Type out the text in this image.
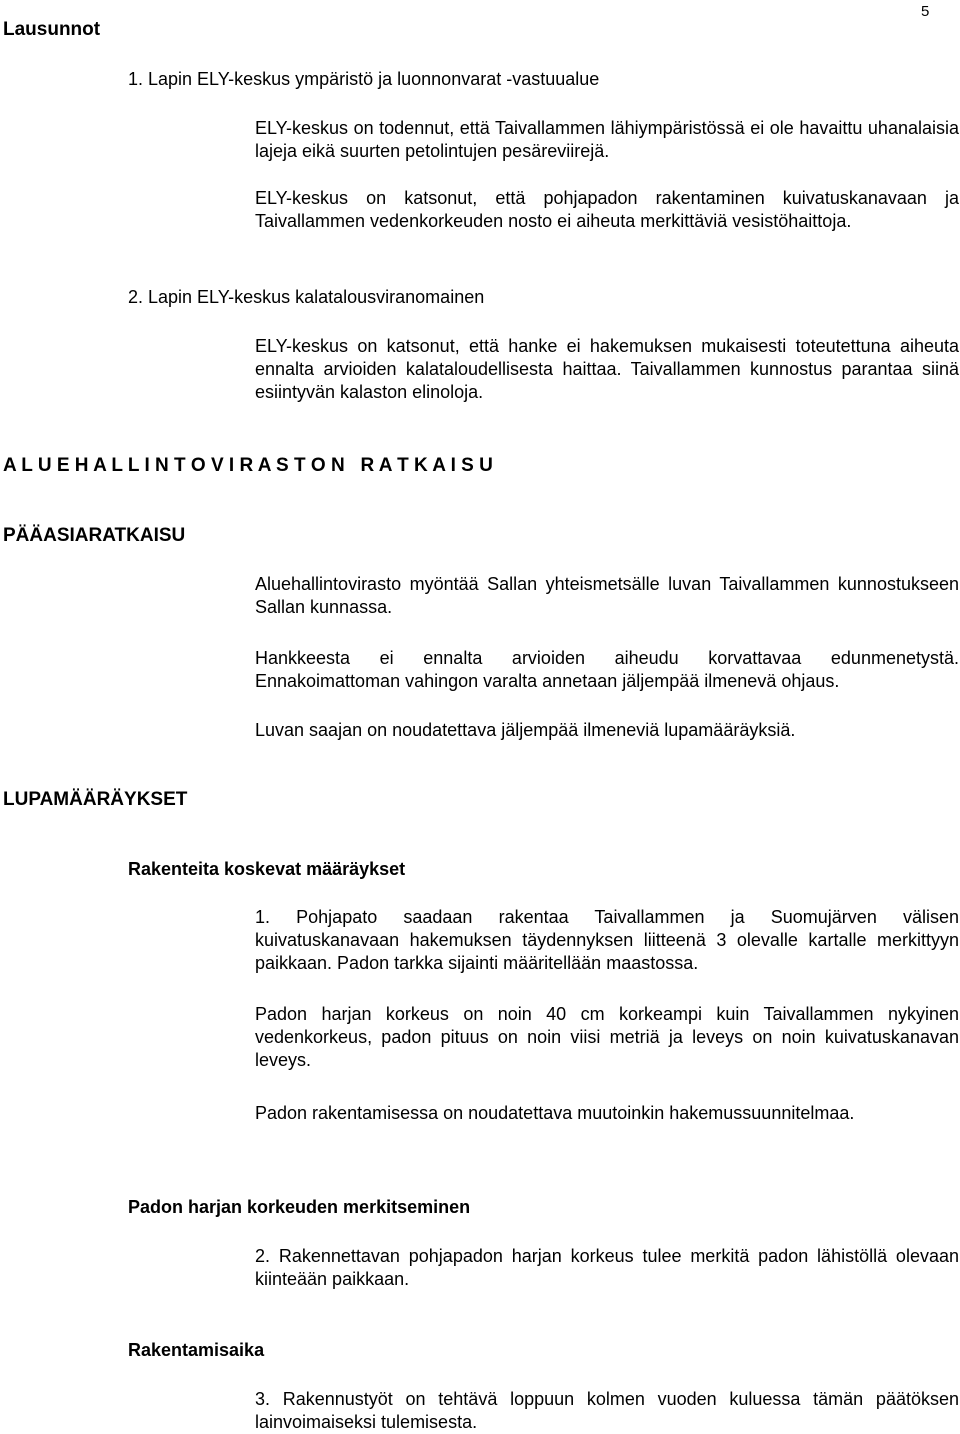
Lausunnot
5
1. Lapin ELY-keskus ympäristö ja luonnonvarat -vastuualue

ELY-keskus on todennut, että Taivallammen lähiympäristössä ei ole havaittu uhanalaisia lajeja eikä suurten petolintujen pesäreviirejä.

ELY-keskus on katsonut, että pohjapadon rakentaminen kuivatuskanavaan ja Taivallammen vedenkorkeuden nosto ei aiheuta merkittäviä vesistöhaittoja.

2. Lapin ELY-keskus kalatalousviranomainen

ELY-keskus on katsonut, että hanke ei hakemuksen mukaisesti toteutettuna aiheuta ennalta arvioiden kalataloudellisesta haittaa. Taivallammen kunnostus parantaa siinä esiintyvän kalaston elinoloja.

A L U E H A L L I N T O V I R A S T O N   R A T K A I S U
PÄÄASIARATKAISU

Aluehallintovirasto myöntää Sallan yhteismetsälle luvan Taivallammen kunnostukseen Sallan kunnassa.

Hankkeesta ei ennalta arvioiden aiheudu korvattavaa edunmenetystä. Ennakoimattoman vahingon varalta annetaan jäljempää ilmenevä ohjaus.

Luvan saajan on noudatettava jäljempää ilmeneviä lupamääräyksiä.

LUPAMÄÄRÄYKSET
Rakenteita koskevat määräykset

1. Pohjapato saadaan rakentaa Taivallammen ja Suomujärven välisen kuivatuskanavaan hakemuksen täydennyksen liitteenä 3 olevalle kartalle merkittyyn paikkaan. Padon tarkka sijainti määritellään maastossa.

Padon harjan korkeus on noin 40 cm korkeampi kuin Taivallammen nykyinen vedenkorkeus, padon pituus on noin viisi metriä ja leveys on noin kuivatuskanavan leveys.

Padon rakentamisessa on noudatettava muutoinkin hakemussuunnitelmaa.

Padon harjan korkeuden merkitseminen

2. Rakennettavan pohjapadon harjan korkeus tulee merkitä padon lähistöllä olevaan kiinteään paikkaan.

Rakentamisaika

3. Rakennustyöt on tehtävä loppuun kolmen vuoden kuluessa tämän päätöksen lainvoimaiseksi tulemisesta.
